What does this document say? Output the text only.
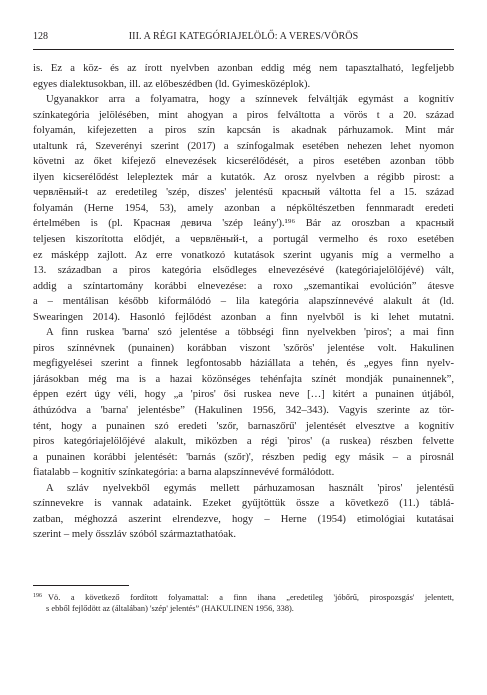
128	III. A RÉGI KATEGÓRIAJELÖLŐ: A VERES/VÖRÖS
is. Ez a köz- és az írott nyelvben azonban eddig még nem tapasztalható, legfeljebb
egyes dialektusokban, ill. az előbeszédben (ld. Gyimesközéplok).
Ugyanakkor arra a folyamatra, hogy a színnevek felváltják egymást a kognitív
színkategória jelölésében, mint ahogyan a piros felváltotta a vörös t a 20. század
folyamán, kifejezetten a piros szín kapcsán is akadnak párhuzamok. Mint már
utaltunk rá, Szeverényi szerint (2017) a színfogalmak esetében nehezen lehet nyomon
követni az őket kifejező elnevezések kicserélődését, a piros esetében azonban több
ilyen kicserélődést lelepleztek már a kutatók. Az orosz nyelvben a régibb pirost: a
червлёный-t az eredetileg 'szép, díszes' jelentésű красный váltotta fel a 15. század
folyamán (Herne 1954, 53), amely azonban a népköltészetben fennmaradt eredeti
értelmében is (pl. Красная девича 'szép leány').¹⁹⁶ Bár az oroszban a красный
teljesen kiszorította elődjét, a червлёный-t, a portugál vermelho és roxo esetében
ez másképp zajlott. Az erre vonatkozó kutatások szerint ugyanis míg a vermelho a
13. században a piros kategória elsődleges elnevezésévé (kategóriajelölőjévé) vált,
addig a színtartomány korábbi elnevezése: a roxo „szemantikai evolúción” átesve
a – mentálisan később kiformálódó – lila kategória alapszínnevévé alakult át (ld.
Swearingen 2014). Hasonló fejlődést azonban a finn nyelvből is ki lehet mutatni.
A finn ruskea 'barna' szó jelentése a többségi finn nyelvekben 'piros'; a mai finn
piros színnévnek (punainen) korábban viszont 'szőrös' jelentése volt. Hakulinen
megfigyelései szerint a finnek legfontosabb háziállata a tehén, és „egyes finn nyelv-
járásokban még ma is a hazai közönséges tehénfajta színét mondják punainennek”,
éppen ezért úgy véli, hogy „a 'piros' ősi ruskea neve […] kitért a punainen útjából,
áthúzódva a 'barna' jelentésbe” (Hakulinen 1956, 342–343). Vagyis szerinte az tör-
tént, hogy a punainen szó eredeti 'szőr, barnaszőrű' jelentését elvesztve a kognitív
piros kategóriajelölőjévé alakult, miközben a régi 'piros' (a ruskea) részben felvette
a punainen korábbi jelentését: 'barnás (szőr)', részben pedig egy másik – a pirosnál
fiatalabb – kognitív színkategória: a barna alapszínnevévé formálódott.
A szláv nyelvekből egymás mellett párhuzamosan használt 'piros' jelentésű
színnevekre is vannak adataink. Ezeket gyűjtöttük össze a következő (11.) táblá-
zatban, méghozzá aszerint elrendezve, hogy – Herne (1954) etimológiai kutatásai
szerint – mely ősszláv szóból származtathatóak.
$^{196}$ Vö. a következő fordított folyamattal: a finn ihana „eredetileg 'jóbőrű, pirospozsgás' jelentett,
s ebből fejlődött az (általában) 'szép' jelentés” (HAKULINEN 1956, 338).
